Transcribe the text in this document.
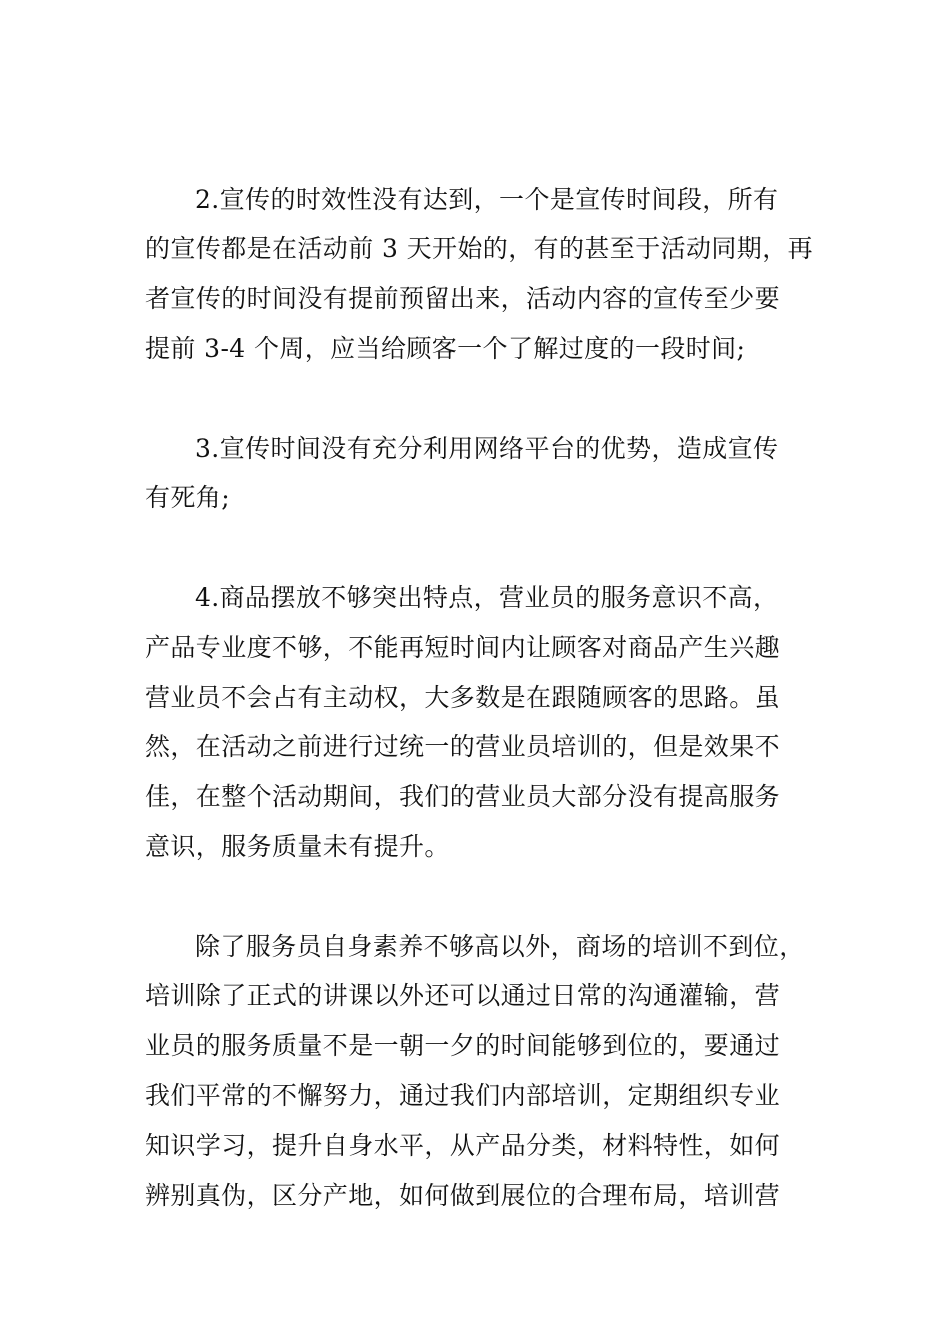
2.宣传的时效性没有达到，一个是宣传时间段，所有
的宣传都是在活动前 3 天开始的，有的甚至于活动同期，再
者宣传的时间没有提前预留出来，活动内容的宣传至少要
提前 3-4 个周，应当给顾客一个了解过度的一段时间;
3.宣传时间没有充分利用网络平台的优势，造成宣传
有死角;
4.商品摆放不够突出特点，营业员的服务意识不高，
产品专业度不够，不能再短时间内让顾客对商品产生兴趣
营业员不会占有主动权，大多数是在跟随顾客的思路。虽
然，在活动之前进行过统一的营业员培训的，但是效果不
佳，在整个活动期间，我们的营业员大部分没有提高服务
意识，服务质量未有提升。
除了服务员自身素养不够高以外，商场的培训不到位，
培训除了正式的讲课以外还可以通过日常的沟通灌输，营
业员的服务质量不是一朝一夕的时间能够到位的，要通过
我们平常的不懈努力，通过我们内部培训，定期组织专业
知识学习，提升自身水平，从产品分类，材料特性，如何
辨别真伪，区分产地，如何做到展位的合理布局，培训营
